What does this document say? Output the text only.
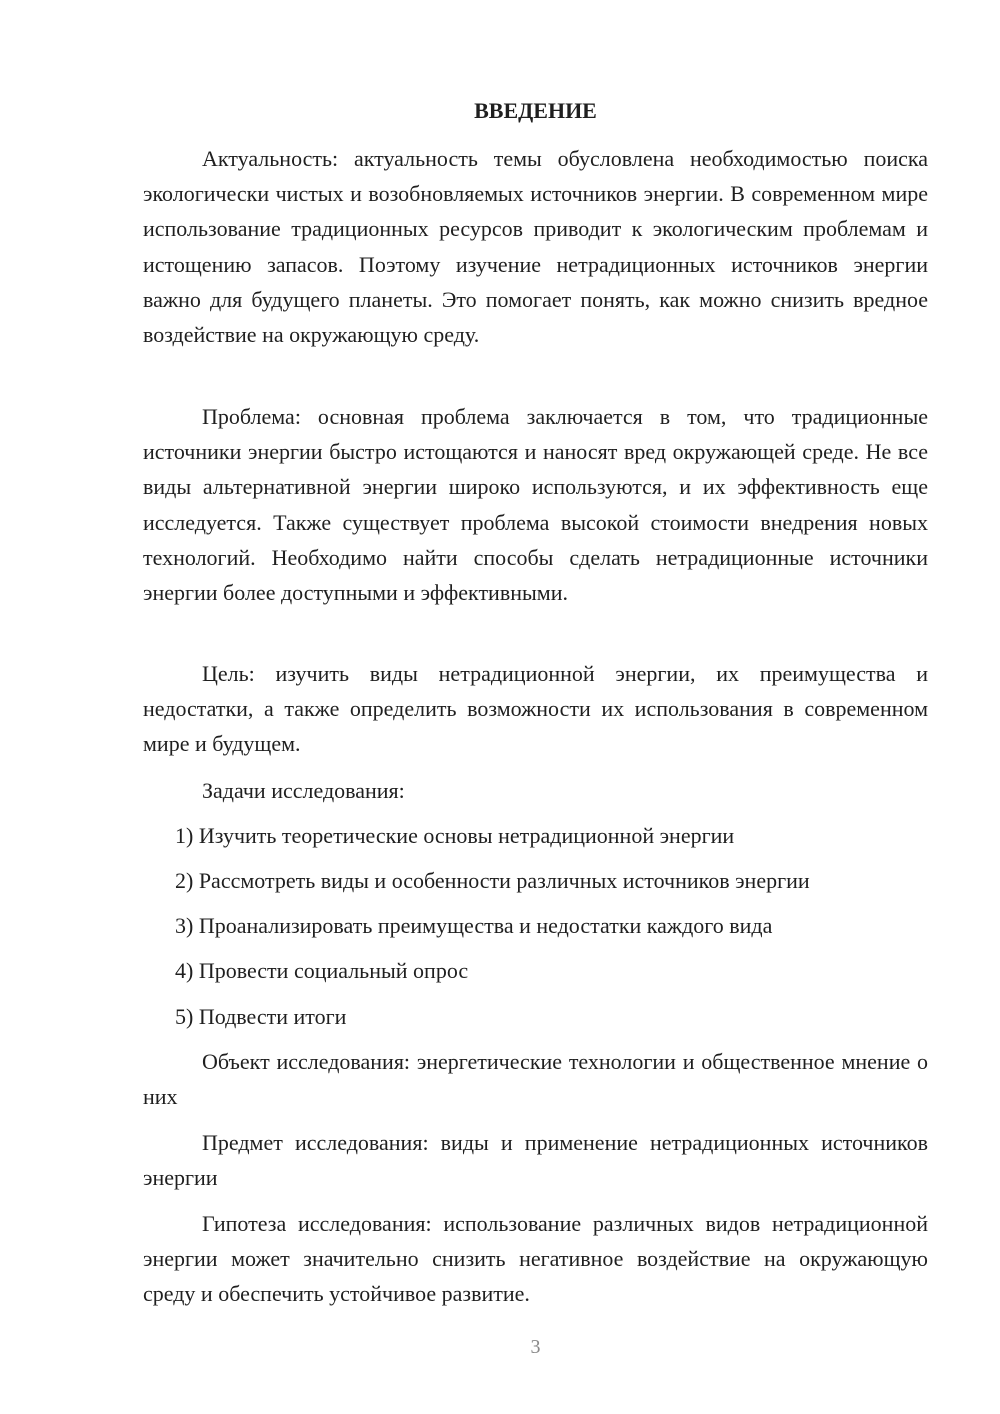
ВВЕДЕНИЕ

Актуальность: актуальность темы обусловлена необходимостью поиска экологически чистых и возобновляемых источников энергии. В современном мире использование традиционных ресурсов приводит к экологическим проблемам и истощению запасов. Поэтому изучение нетрадиционных источников энергии важно для будущего планеты. Это помогает понять, как можно снизить вредное воздействие на окружающую среду.

Проблема: основная проблема заключается в том, что традиционные источники энергии быстро истощаются и наносят вред окружающей среде. Не все виды альтернативной энергии широко используются, и их эффективность еще исследуется. Также существует проблема высокой стоимости внедрения новых технологий. Необходимо найти способы сделать нетрадиционные источники энергии более доступными и эффективными.

Цель: изучить виды нетрадиционной энергии, их преимущества и недостатки, а также определить возможности их использования в современном мире и будущем.

Задачи исследования:

1) Изучить теоретические основы нетрадиционной энергии

2) Рассмотреть виды и особенности различных источников энергии

3) Проанализировать преимущества и недостатки каждого вида

4) Провести социальный опрос

5) Подвести итоги

Объект исследования: энергетические технологии и общественное мнение о них

Предмет исследования: виды и применение нетрадиционных источников энергии

Гипотеза исследования: использование различных видов нетрадиционной энергии может значительно снизить негативное воздействие на окружающую среду и обеспечить устойчивое развитие.

3
